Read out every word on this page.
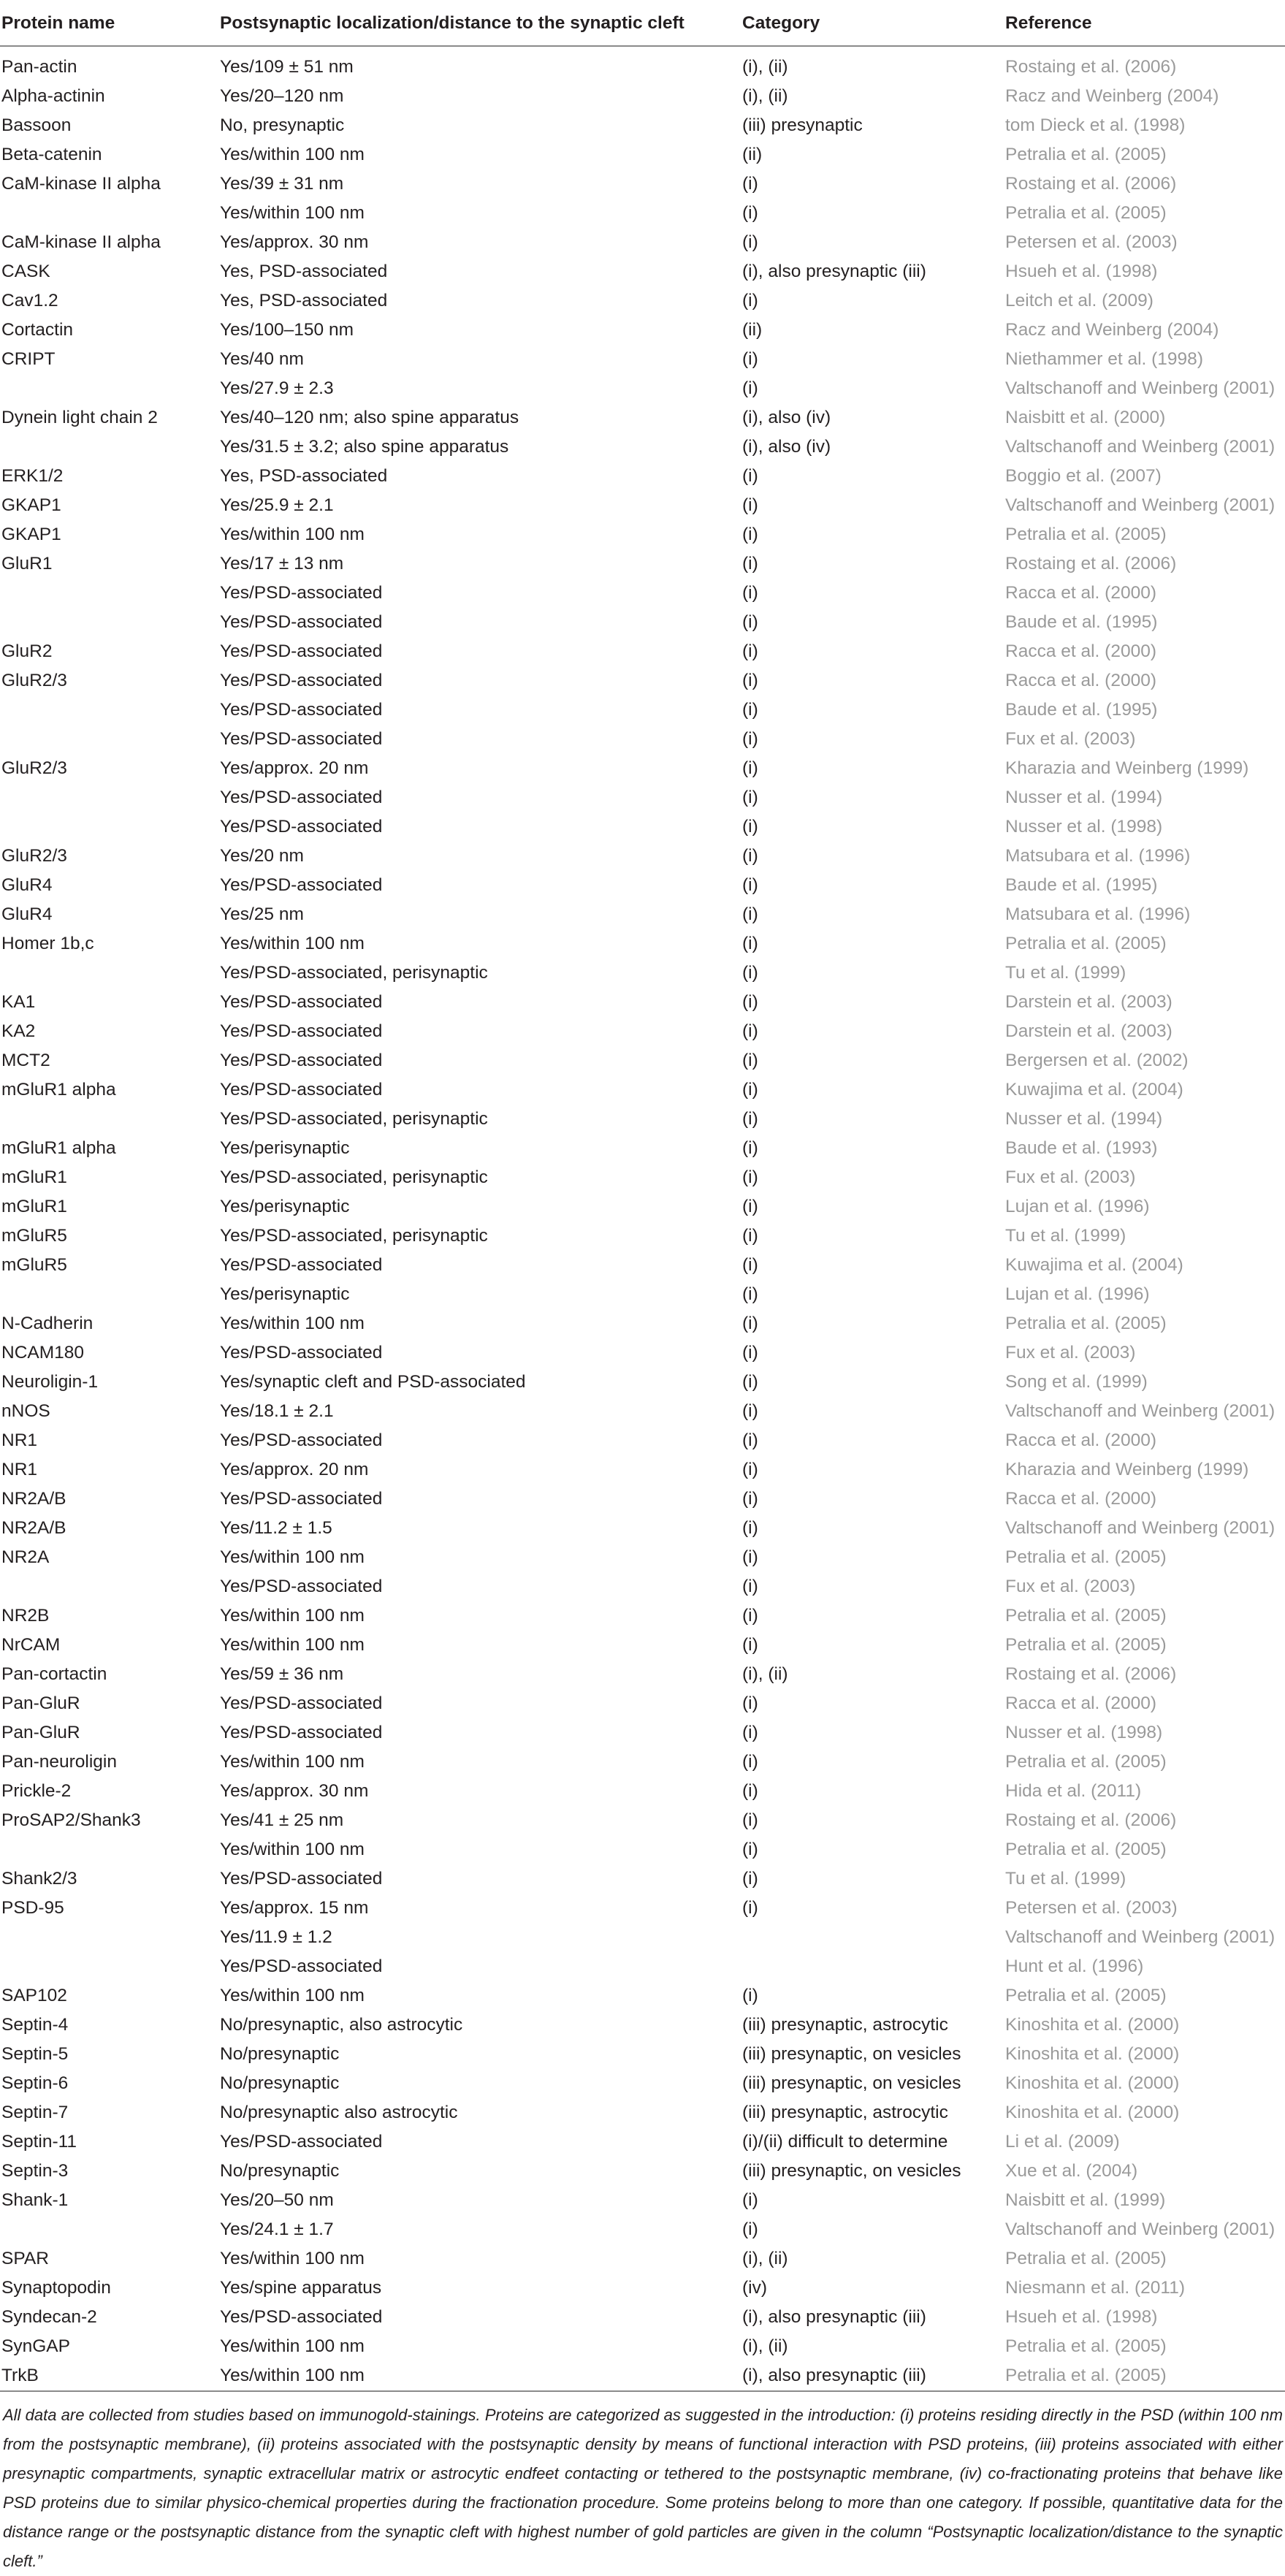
Protein name	Postsynaptic localization/distance to the synaptic cleft	Category	Reference

Pan-actin	Yes/109 ± 51 nm	(i), (ii)	Rostaing et al. (2006)
Alpha-actinin	Yes/20–120 nm	(i), (ii)	Racz and Weinberg (2004)
Bassoon	No, presynaptic	(iii) presynaptic	tom Dieck et al. (1998)
Beta-catenin	Yes/within 100 nm	(ii)	Petralia et al. (2005)
CaM-kinase II alpha	Yes/39 ± 31 nm	(i)	Rostaing et al. (2006)
	Yes/within 100 nm	(i)	Petralia et al. (2005)
CaM-kinase II alpha	Yes/approx. 30 nm	(i)	Petersen et al. (2003)
CASK	Yes, PSD-associated	(i), also presynaptic (iii)	Hsueh et al. (1998)
Cav1.2	Yes, PSD-associated	(i)	Leitch et al. (2009)
Cortactin	Yes/100–150 nm	(ii)	Racz and Weinberg (2004)
CRIPT	Yes/40 nm	(i)	Niethammer et al. (1998)
	Yes/27.9 ± 2.3	(i)	Valtschanoff and Weinberg (2001)
Dynein light chain 2	Yes/40–120 nm; also spine apparatus	(i), also (iv)	Naisbitt et al. (2000)
	Yes/31.5 ± 3.2; also spine apparatus	(i), also (iv)	Valtschanoff and Weinberg (2001)
ERK1/2	Yes, PSD-associated	(i)	Boggio et al. (2007)
GKAP1	Yes/25.9 ± 2.1	(i)	Valtschanoff and Weinberg (2001)
GKAP1	Yes/within 100 nm	(i)	Petralia et al. (2005)
GluR1	Yes/17 ± 13 nm	(i)	Rostaing et al. (2006)
	Yes/PSD-associated	(i)	Racca et al. (2000)
	Yes/PSD-associated	(i)	Baude et al. (1995)
GluR2	Yes/PSD-associated	(i)	Racca et al. (2000)
GluR2/3	Yes/PSD-associated	(i)	Racca et al. (2000)
	Yes/PSD-associated	(i)	Baude et al. (1995)
	Yes/PSD-associated	(i)	Fux et al. (2003)
GluR2/3	Yes/approx. 20 nm	(i)	Kharazia and Weinberg (1999)
	Yes/PSD-associated	(i)	Nusser et al. (1994)
	Yes/PSD-associated	(i)	Nusser et al. (1998)
GluR2/3	Yes/20 nm	(i)	Matsubara et al. (1996)
GluR4	Yes/PSD-associated	(i)	Baude et al. (1995)
GluR4	Yes/25 nm	(i)	Matsubara et al. (1996)
Homer 1b,c	Yes/within 100 nm	(i)	Petralia et al. (2005)
	Yes/PSD-associated, perisynaptic	(i)	Tu et al. (1999)
KA1	Yes/PSD-associated	(i)	Darstein et al. (2003)
KA2	Yes/PSD-associated	(i)	Darstein et al. (2003)
MCT2	Yes/PSD-associated	(i)	Bergersen et al. (2002)
mGluR1 alpha	Yes/PSD-associated	(i)	Kuwajima et al. (2004)
	Yes/PSD-associated, perisynaptic	(i)	Nusser et al. (1994)
mGluR1 alpha	Yes/perisynaptic	(i)	Baude et al. (1993)
mGluR1	Yes/PSD-associated, perisynaptic	(i)	Fux et al. (2003)
mGluR1	Yes/perisynaptic	(i)	Lujan et al. (1996)
mGluR5	Yes/PSD-associated, perisynaptic	(i)	Tu et al. (1999)
mGluR5	Yes/PSD-associated	(i)	Kuwajima et al. (2004)
	Yes/perisynaptic	(i)	Lujan et al. (1996)
N-Cadherin	Yes/within 100 nm	(i)	Petralia et al. (2005)
NCAM180	Yes/PSD-associated	(i)	Fux et al. (2003)
Neuroligin-1	Yes/synaptic cleft and PSD-associated	(i)	Song et al. (1999)
nNOS	Yes/18.1 ± 2.1	(i)	Valtschanoff and Weinberg (2001)
NR1	Yes/PSD-associated	(i)	Racca et al. (2000)
NR1	Yes/approx. 20 nm	(i)	Kharazia and Weinberg (1999)
NR2A/B	Yes/PSD-associated	(i)	Racca et al. (2000)
NR2A/B	Yes/11.2 ± 1.5	(i)	Valtschanoff and Weinberg (2001)
NR2A	Yes/within 100 nm	(i)	Petralia et al. (2005)
	Yes/PSD-associated	(i)	Fux et al. (2003)
NR2B	Yes/within 100 nm	(i)	Petralia et al. (2005)
NrCAM	Yes/within 100 nm	(i)	Petralia et al. (2005)
Pan-cortactin	Yes/59 ± 36 nm	(i), (ii)	Rostaing et al. (2006)
Pan-GluR	Yes/PSD-associated	(i)	Racca et al. (2000)
Pan-GluR	Yes/PSD-associated	(i)	Nusser et al. (1998)
Pan-neuroligin	Yes/within 100 nm	(i)	Petralia et al. (2005)
Prickle-2	Yes/approx. 30 nm	(i)	Hida et al. (2011)
ProSAP2/Shank3	Yes/41 ± 25 nm	(i)	Rostaing et al. (2006)
	Yes/within 100 nm	(i)	Petralia et al. (2005)
Shank2/3	Yes/PSD-associated	(i)	Tu et al. (1999)
PSD-95	Yes/approx. 15 nm	(i)	Petersen et al. (2003)
	Yes/11.9 ± 1.2		Valtschanoff and Weinberg (2001)
	Yes/PSD-associated		Hunt et al. (1996)
SAP102	Yes/within 100 nm	(i)	Petralia et al. (2005)
Septin-4	No/presynaptic, also astrocytic	(iii) presynaptic, astrocytic	Kinoshita et al. (2000)
Septin-5	No/presynaptic	(iii) presynaptic, on vesicles	Kinoshita et al. (2000)
Septin-6	No/presynaptic	(iii) presynaptic, on vesicles	Kinoshita et al. (2000)
Septin-7	No/presynaptic also astrocytic	(iii) presynaptic, astrocytic	Kinoshita et al. (2000)
Septin-11	Yes/PSD-associated	(i)/(ii) difficult to determine	Li et al. (2009)
Septin-3	No/presynaptic	(iii) presynaptic, on vesicles	Xue et al. (2004)
Shank-1	Yes/20–50 nm	(i)	Naisbitt et al. (1999)
	Yes/24.1 ± 1.7	(i)	Valtschanoff and Weinberg (2001)
SPAR	Yes/within 100 nm	(i), (ii)	Petralia et al. (2005)
Synaptopodin	Yes/spine apparatus	(iv)	Niesmann et al. (2011)
Syndecan-2	Yes/PSD-associated	(i), also presynaptic (iii)	Hsueh et al. (1998)
SynGAP	Yes/within 100 nm	(i), (ii)	Petralia et al. (2005)
TrkB	Yes/within 100 nm	(i), also presynaptic (iii)	Petralia et al. (2005)
All data are collected from studies based on immunogold-stainings. Proteins are categorized as suggested in the introduction: (i) proteins residing directly in the PSD (within 100 nm from the postsynaptic membrane), (ii) proteins associated with the postsynaptic density by means of functional interaction with PSD proteins, (iii) proteins associated with either presynaptic compartments, synaptic extracellular matrix or astrocytic endfeet contacting or tethered to the postsynaptic membrane, (iv) co-fractionating proteins that behave like PSD proteins due to similar physico-chemical properties during the fractionation procedure. Some proteins belong to more than one category. If possible, quantitative data for the distance range or the postsynaptic distance from the synaptic cleft with highest number of gold particles are given in the column “Postsynaptic localization/distance to the synaptic cleft.”
